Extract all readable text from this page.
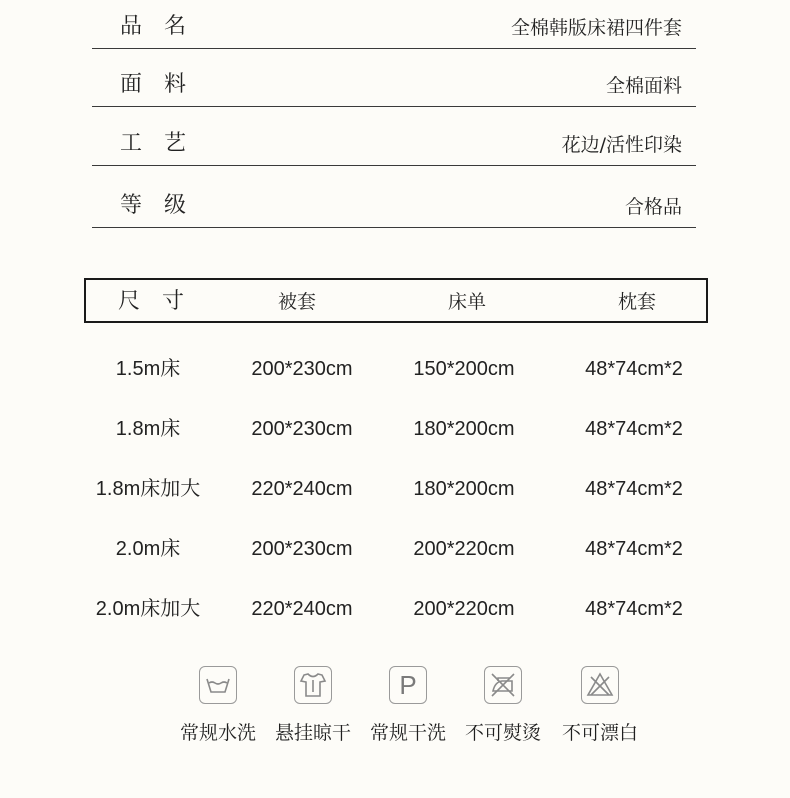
品名	全棉韩版床裙四件套
面料	全棉面料
工艺	花边/活性印染
等级	合格品
尺寸	被套	床单	枕套
1.5m床	200*230cm	150*200cm	48*74cm*2
1.8m床	200*230cm	180*200cm	48*74cm*2
1.8m床加大	220*240cm	180*200cm	48*74cm*2
2.0m床	200*230cm	200*220cm	48*74cm*2
2.0m床加大	220*240cm	200*220cm	48*74cm*2
常规水洗 悬挂晾干
P
常规干洗 不可熨烫	不可漂白
